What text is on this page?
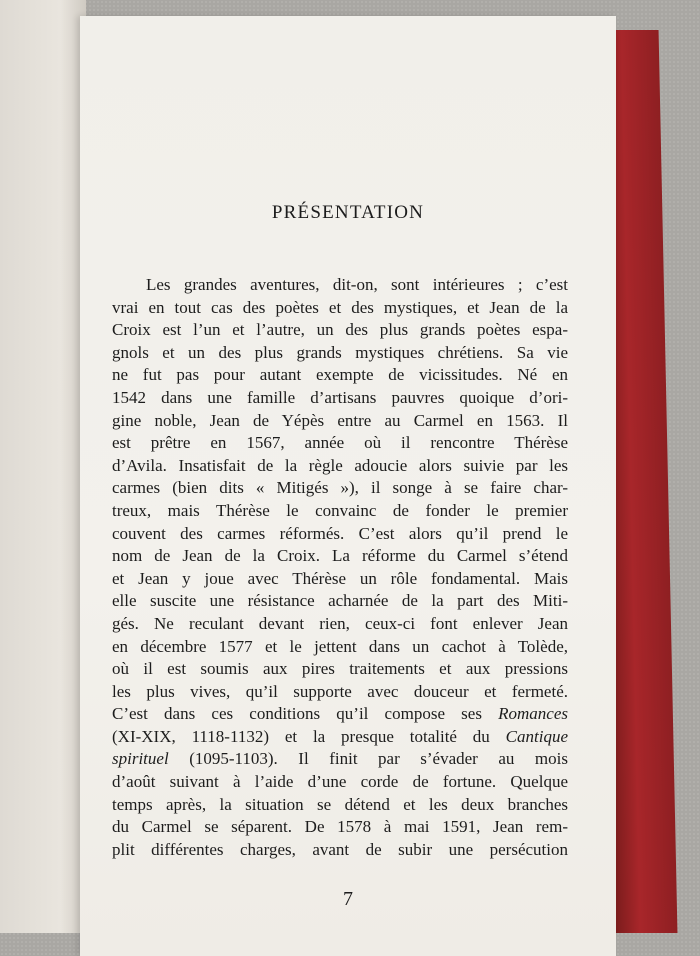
PRÉSENTATION
Les grandes aventures, dit-on, sont intérieures ; c’est
vrai en tout cas des poètes et des mystiques, et Jean de la
Croix est l’un et l’autre, un des plus grands poètes espa-
gnols et un des plus grands mystiques chrétiens. Sa vie
ne fut pas pour autant exempte de vicissitudes. Né en
1542 dans une famille d’artisans pauvres quoique d’ori-
gine noble, Jean de Yépès entre au Carmel en 1563. Il
est prêtre en 1567, année où il rencontre Thérèse
d’Avila. Insatisfait de la règle adoucie alors suivie par les
carmes (bien dits « Mitigés »), il songe à se faire char-
treux, mais Thérèse le convainc de fonder le premier
couvent des carmes réformés. C’est alors qu’il prend le
nom de Jean de la Croix. La réforme du Carmel s’étend
et Jean y joue avec Thérèse un rôle fondamental. Mais
elle suscite une résistance acharnée de la part des Miti-
gés. Ne reculant devant rien, ceux-ci font enlever Jean
en décembre 1577 et le jettent dans un cachot à Tolède,
où il est soumis aux pires traitements et aux pressions
les plus vives, qu’il supporte avec douceur et fermeté.
C’est dans ces conditions qu’il compose ses Romances
(XI-XIX, 1118-1132) et la presque totalité du Cantique
spirituel (1095-1103). Il finit par s’évader au mois
d’août suivant à l’aide d’une corde de fortune. Quelque
temps après, la situation se détend et les deux branches
du Carmel se séparent. De 1578 à mai 1591, Jean rem-
plit différentes charges, avant de subir une persécution
7
